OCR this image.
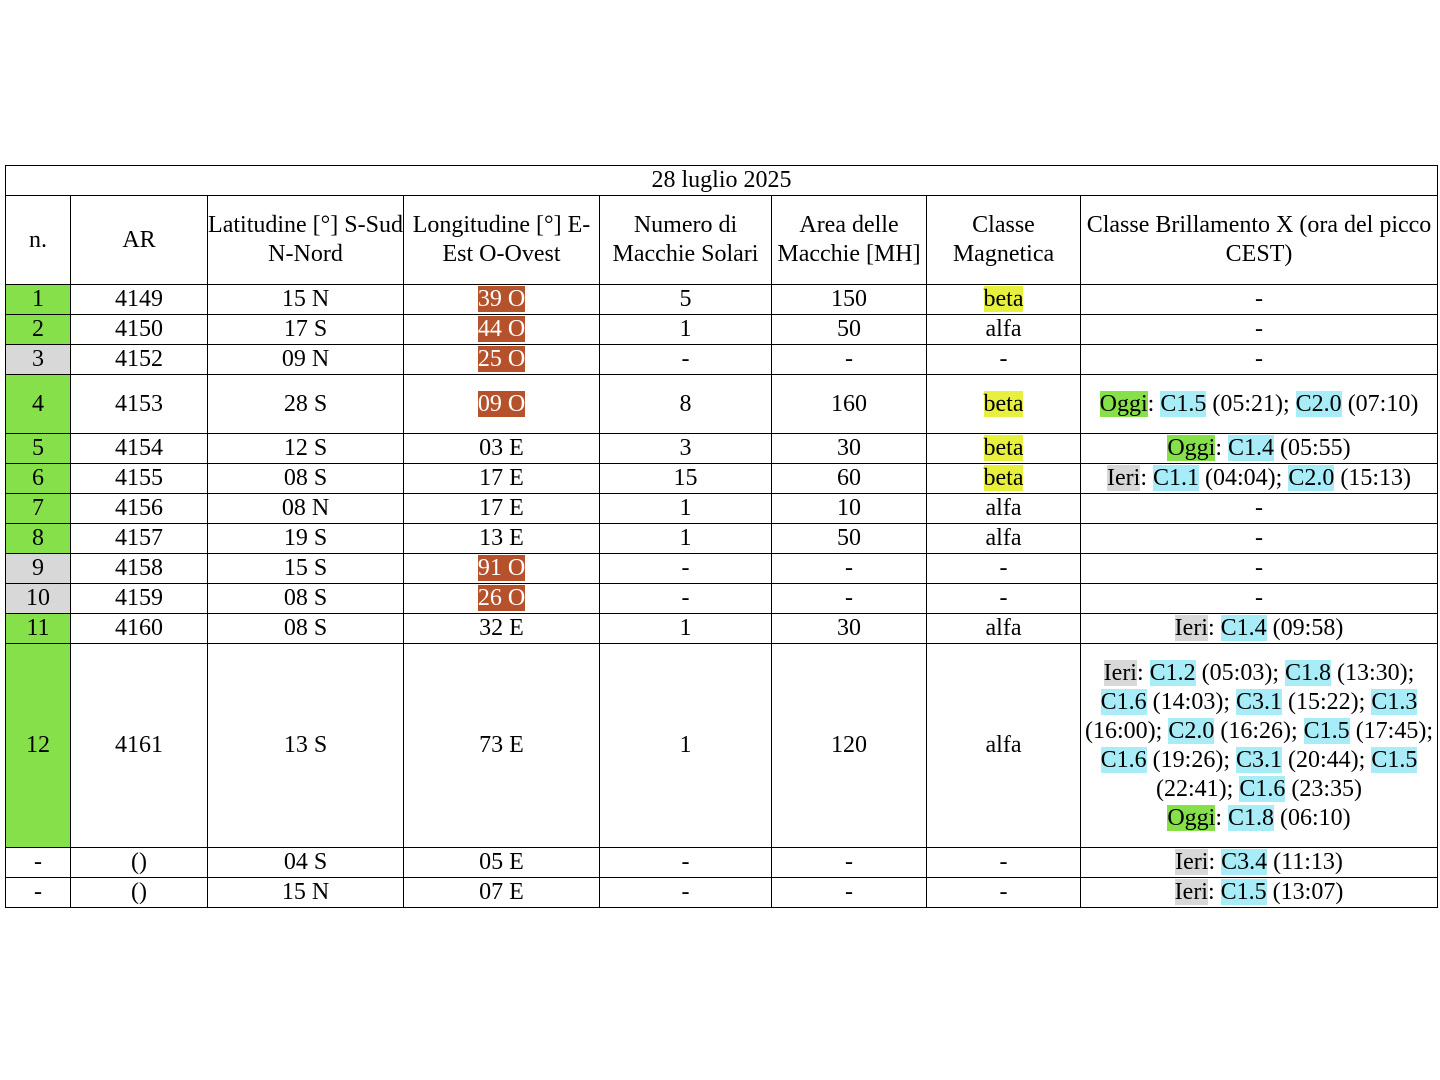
28 luglio 2025							
n.	AR	Latitudine [°] S-Sud N-Nord	Longitudine [°] E-Est O-Ovest	Numero di Macchie Solari	Area delle Macchie [MH]	Classe Magnetica	Classe Brillamento X (ora del picco CEST)
1	4149	15 N	39 O	5	150	beta	-
2	4150	17 S	44 O	1	50	alfa	-
3	4152	09 N	25 O	-	-	-	-
4	4153	28 S	09 O	8	160	beta	Oggi: C1.5 (05:21); C2.0 (07:10)
5	4154	12 S	03 E	3	30	beta	Oggi: C1.4 (05:55)
6	4155	08 S	17 E	15	60	beta	Ieri: C1.1 (04:04); C2.0 (15:13)
7	4156	08 N	17 E	1	10	alfa	-
8	4157	19 S	13 E	1	50	alfa	-
9	4158	15 S	91 O	-	-	-	-
10	4159	08 S	26 O	-	-	-	-
11	4160	08 S	32 E	1	30	alfa	Ieri: C1.4 (09:58)
12	4161	13 S	73 E	1	120	alfa	Ieri: C1.2 (05:03); C1.8 (13:30); C1.6 (14:03); C3.1 (15:22); C1.3 (16:00); C2.0 (16:26); C1.5 (17:45); C1.6 (19:26); C3.1 (20:44); C1.5 (22:41); C1.6 (23:35)
Oggi: C1.8 (06:10)
-	()	04 S	05 E	-	-	-	Ieri: C3.4 (11:13)
-	()	15 N	07 E	-	-	-	Ieri: C1.5 (13:07)
